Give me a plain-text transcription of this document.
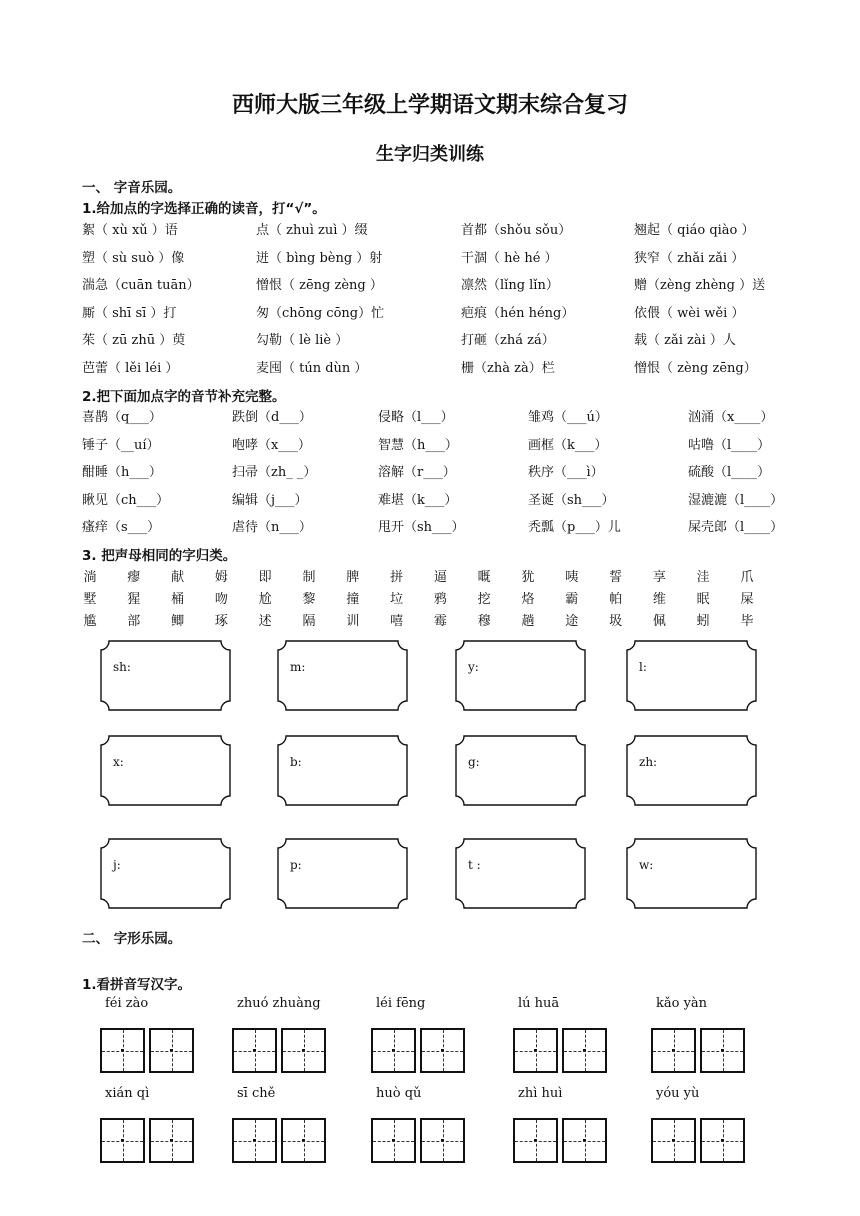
西师大版三年级上学期语文期末综合复习
生字归类训练
一、 字音乐园。
1.给加点的字选择正确的读音，打“√”。
絮（ xù xǔ ）语	点（ zhuì zuì ）缀	首都（shǒu sǒu）	翘起（ qiáo qiào ）
塑（ sù suò ）像	迸（ bìng bèng ）射	干涸（ hè hé ）	狭窄（ zhǎi zǎi ）
湍急（cuān tuān）	憎恨（ zēng zèng ）	凛然（lǐng lǐn）	赠（zèng zhèng ）送
厮（ shī sī ）打	匆（chōng cōng）忙	疤痕（hén héng）	依偎（ wèi wěi ）
茱（ zū zhū ）萸	勾勒（ lè liè ）	打砸（zhá zá）	载（ zǎi zài ）人
芭蕾（ lěi léi ）	麦囤（ tún dùn ）	栅（zhà zà）栏	憎恨（ zèng zēng）
2.把下面加点字的音节补充完整。
喜鹊（q___）	跌倒（d___）	侵略（l___）	雏鸡（___ú）	汹涌（x____）
锤子（__uí）	咆哮（x___）	智慧（h___）	画框（k___）	咕噜（l____）
酣睡（h___）	扫帚（zh_ _）	溶解（r___）	秩序（___ì）	硫酸（l____）
瞅见（ch___）	编辑（j___）	难堪（k___）	圣诞（sh___）	湿漉漉（l____）
瘙痒（s___）	虐待（n___）	甩开（sh___）	秃瓢（p___）儿	屎壳郎（l____）
3. 把声母相同的字归类。
淌	瘳	献	姆	即	制	脾	拼	逼	嘅	犹	咦	誓	享	洼	爪
墅	猩	桶	吻	尬	黎	撞	垃	鸦	挖	烙	霸	帕	维	眠	屎
尴	部	鲫	琢	述	隔	训	嘻	霉	穆	趟	途	圾	佩	蚓	毕
sh:	m:	y:	l:
x:	b:	g:	zh:
j:	p:	t :	w:
二、 字形乐园。
1.看拼音写汉字。
féi zào	zhuó zhuàng	léi fēng	lú huā	kǎo yàn
xián qì	sī chě	huò qǔ	zhì huì	yóu yù
